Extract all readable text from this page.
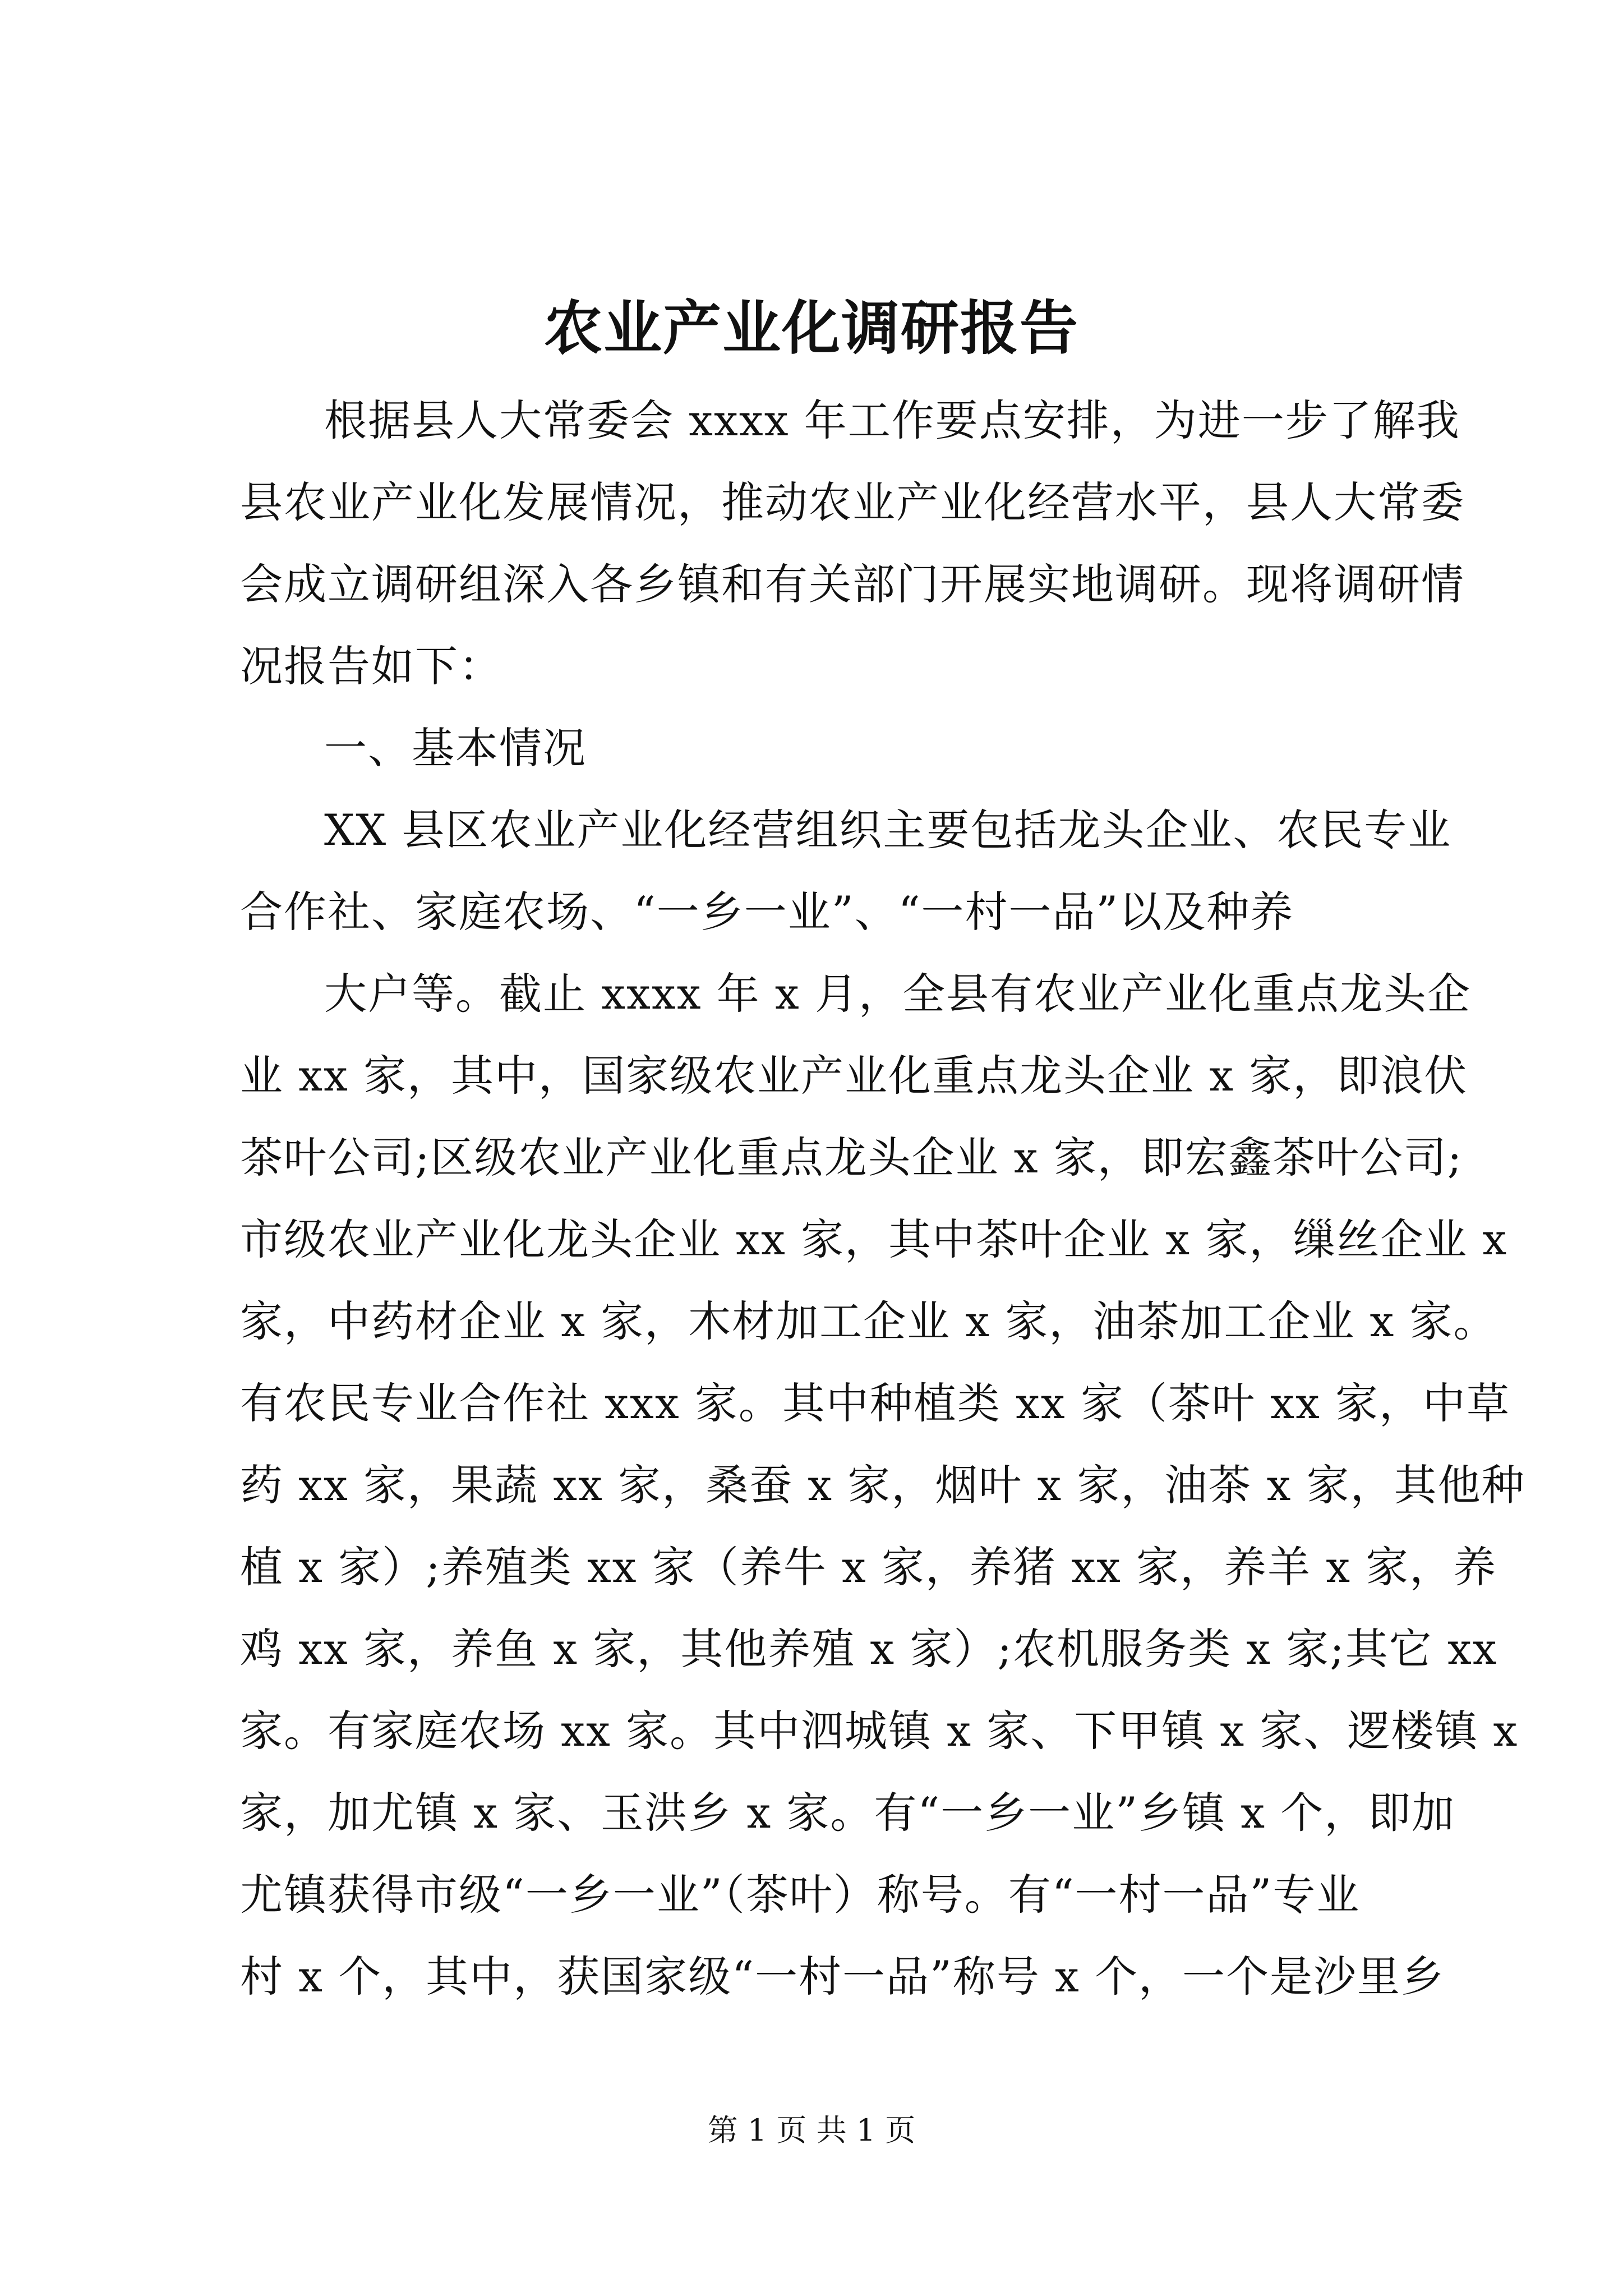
农业产业化调研报告

根据县人大常委会 xxxx 年工作要点安排，为进一步了解我

县农业产业化发展情况，推动农业产业化经营水平，县人大常委

会成立调研组深入各乡镇和有关部门开展实地调研。现将调研情

况报告如下：

一、基本情况

XX 县区农业产业化经营组织主要包括龙头企业、农民专业

合作社、家庭农场、“一乡一业”、“一村一品”以及种养

大户等。截止 xxxx 年 x 月，全县有农业产业化重点龙头企

业 xx 家，其中，国家级农业产业化重点龙头企业 x 家，即浪伏

茶叶公司;区级农业产业化重点龙头企业 x 家，即宏鑫茶叶公司;

市级农业产业化龙头企业 xx 家，其中茶叶企业 x 家，缫丝企业 x

家，中药材企业 x 家，木材加工企业 x 家，油茶加工企业 x 家。

有农民专业合作社 xxx 家。其中种植类 xx 家（茶叶 xx 家，中草

药 xx 家，果蔬 xx 家，桑蚕 x 家，烟叶 x 家，油茶 x 家，其他种

植 x 家）;养殖类 xx 家（养牛 x 家，养猪 xx 家，养羊 x 家，养

鸡 xx 家，养鱼 x 家，其他养殖 x 家）;农机服务类 x 家;其它 xx

家。有家庭农场 xx 家。其中泗城镇 x 家、下甲镇 x 家、逻楼镇 x

家，加尤镇 x 家、玉洪乡 x 家。有“一乡一业”乡镇 x 个，即加

尤镇获得市级“一乡一业”（茶叶）称号。有“一村一品”专业

村 x 个，其中，获国家级“一村一品”称号 x 个，一个是沙里乡

第 1 页 共 1 页
